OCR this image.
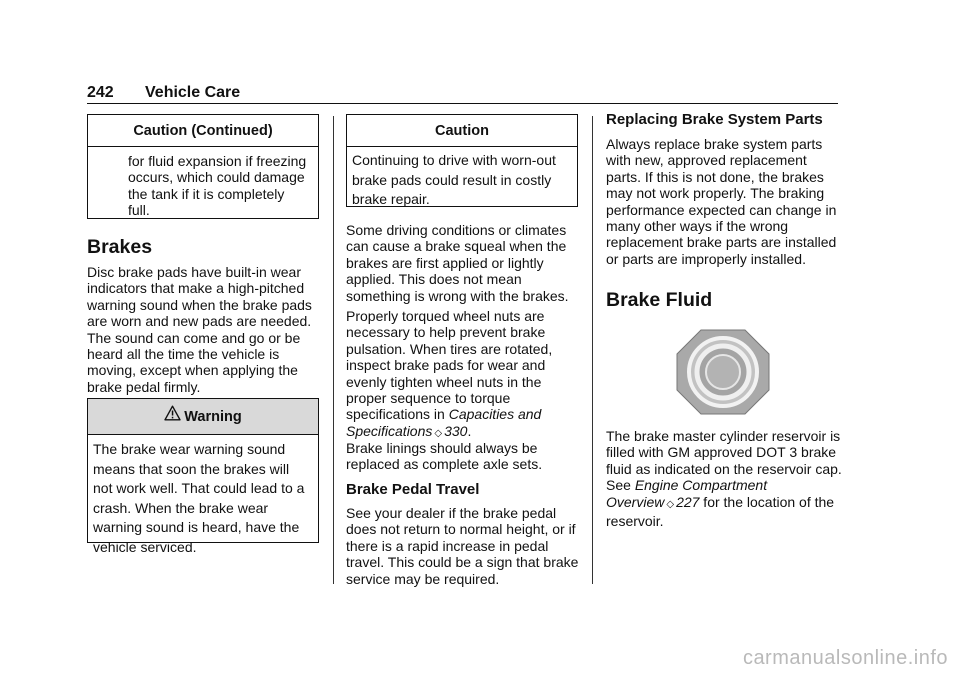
242 Vehicle Care
Caution (Continued)
for fluid expansion if freezing occurs, which could damage the tank if it is completely full.
Brakes
Disc brake pads have built-in wear indicators that make a high-pitched warning sound when the brake pads are worn and new pads are needed. The sound can come and go or be heard all the time the vehicle is moving, except when applying the brake pedal firmly.
Warning
The brake wear warning sound means that soon the brakes will not work well. That could lead to a crash. When the brake wear warning sound is heard, have the vehicle serviced.
Caution
Continuing to drive with worn-out brake pads could result in costly brake repair.
Some driving conditions or climates can cause a brake squeal when the brakes are first applied or lightly applied. This does not mean something is wrong with the brakes.
Properly torqued wheel nuts are necessary to help prevent brake pulsation. When tires are rotated, inspect brake pads for wear and evenly tighten wheel nuts in the proper sequence to torque specifications in Capacities and Specifications ◇ 330.
Brake linings should always be replaced as complete axle sets.
Brake Pedal Travel
See your dealer if the brake pedal does not return to normal height, or if there is a rapid increase in pedal travel. This could be a sign that brake service may be required.
Replacing Brake System Parts
Always replace brake system parts with new, approved replacement parts. If this is not done, the brakes may not work properly. The braking performance expected can change in many other ways if the wrong replacement brake parts are installed or parts are improperly installed.
Brake Fluid
The brake master cylinder reservoir is filled with GM approved DOT 3 brake fluid as indicated on the reservoir cap. See Engine Compartment Overview ◇ 227 for the location of the reservoir.
carmanualsonline.info
